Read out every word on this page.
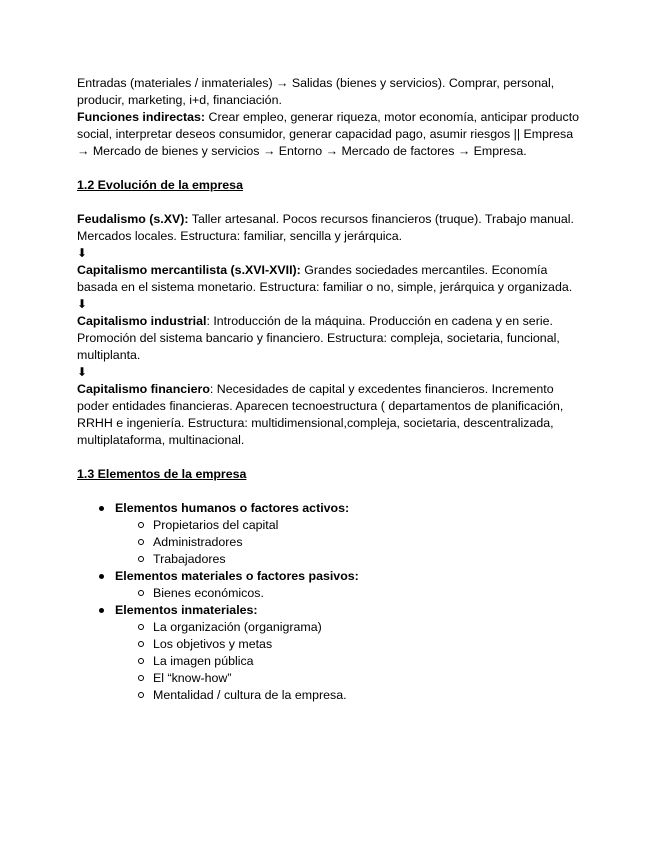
Entradas (materiales / inmateriales) → Salidas (bienes y servicios). Comprar, personal, producir, marketing, i+d, financiación.

Funciones indirectas: Crear empleo, generar riqueza, motor economía, anticipar producto social, interpretar deseos consumidor, generar capacidad pago, asumir riesgos || Empresa → Mercado de bienes y servicios → Entorno → Mercado de factores → Empresa.

1.2 Evolución de la empresa

Feudalismo (s.XV): Taller artesanal. Pocos recursos financieros (truque). Trabajo manual. Mercados locales. Estructura: familiar, sencilla y jerárquica.

⬇

Capitalismo mercantilista (s.XVI-XVII): Grandes sociedades mercantiles. Economía basada en el sistema monetario. Estructura: familiar o no, simple, jerárquica y organizada.

⬇

Capitalismo industrial: Introducción de la máquina. Producción en cadena y en serie. Promoción del sistema bancario y financiero. Estructura: compleja, societaria, funcional, multiplanta.

⬇

Capitalismo financiero: Necesidades de capital y excedentes financieros. Incremento poder entidades financieras. Aparecen tecnoestructura ( departamentos de planificación, RRHH e ingeniería. Estructura: multidimensional,compleja, societaria, descentralizada, multiplataforma, multinacional.

1.3 Elementos de la empresa

Elementos humanos o factores activos:
Propietarios del capital
Administradores
Trabajadores
Elementos materiales o factores pasivos:
Bienes económicos.
Elementos inmateriales:
La organización (organigrama)
Los objetivos y metas
La imagen pública
El “know-how”
Mentalidad / cultura de la empresa.
